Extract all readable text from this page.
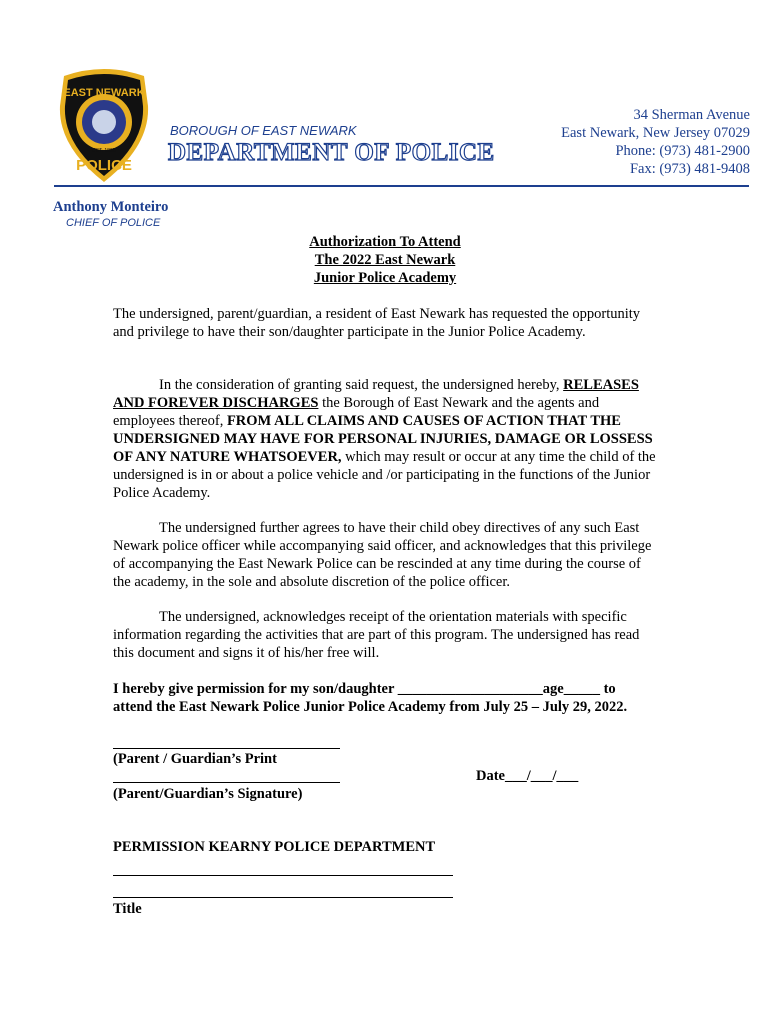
EAST NEWARK
EST. 1895
POLICE
BOROUGH OF EAST NEWARK
DEPARTMENT OF POLICE
34 Sherman Avenue
East Newark, New Jersey 07029
Phone: (973) 481-2900
Fax: (973) 481-9408
Anthony Monteiro
CHIEF OF POLICE
Authorization To Attend
The 2022 East Newark
Junior Police Academy
The undersigned, parent/guardian, a resident of East Newark has requested the opportunity and privilege to have their son/daughter participate in the Junior Police Academy.
In the consideration of granting said request, the undersigned hereby, RELEASES AND FOREVER DISCHARGES the Borough of East Newark and the agents and employees thereof, FROM ALL CLAIMS AND CAUSES OF ACTION THAT THE UNDERSIGNED MAY HAVE FOR PERSONAL INJURIES, DAMAGE OR LOSSESS OF ANY NATURE WHATSOEVER, which may result or occur at any time the child of the undersigned is in or about a police vehicle and /or participating in the functions of the Junior Police Academy.
The undersigned further agrees to have their child obey directives of any such East Newark police officer while accompanying said officer, and acknowledges that this privilege of accompanying the East Newark Police can be rescinded at any time during the course of the academy, in the sole and absolute discretion of the police officer.
The undersigned, acknowledges receipt of the orientation materials with specific information regarding the activities that are part of this program. The undersigned has read this document and signs it of his/her free will.
I hereby give permission for my son/daughter ____________________age_____ to
attend the East Newark Police Junior Police Academy from July 25 – July 29, 2022.
(Parent / Guardian’s Print
(Parent/Guardian’s Signature)
Date___/___/___
PERMISSION KEARNY POLICE DEPARTMENT
Title
